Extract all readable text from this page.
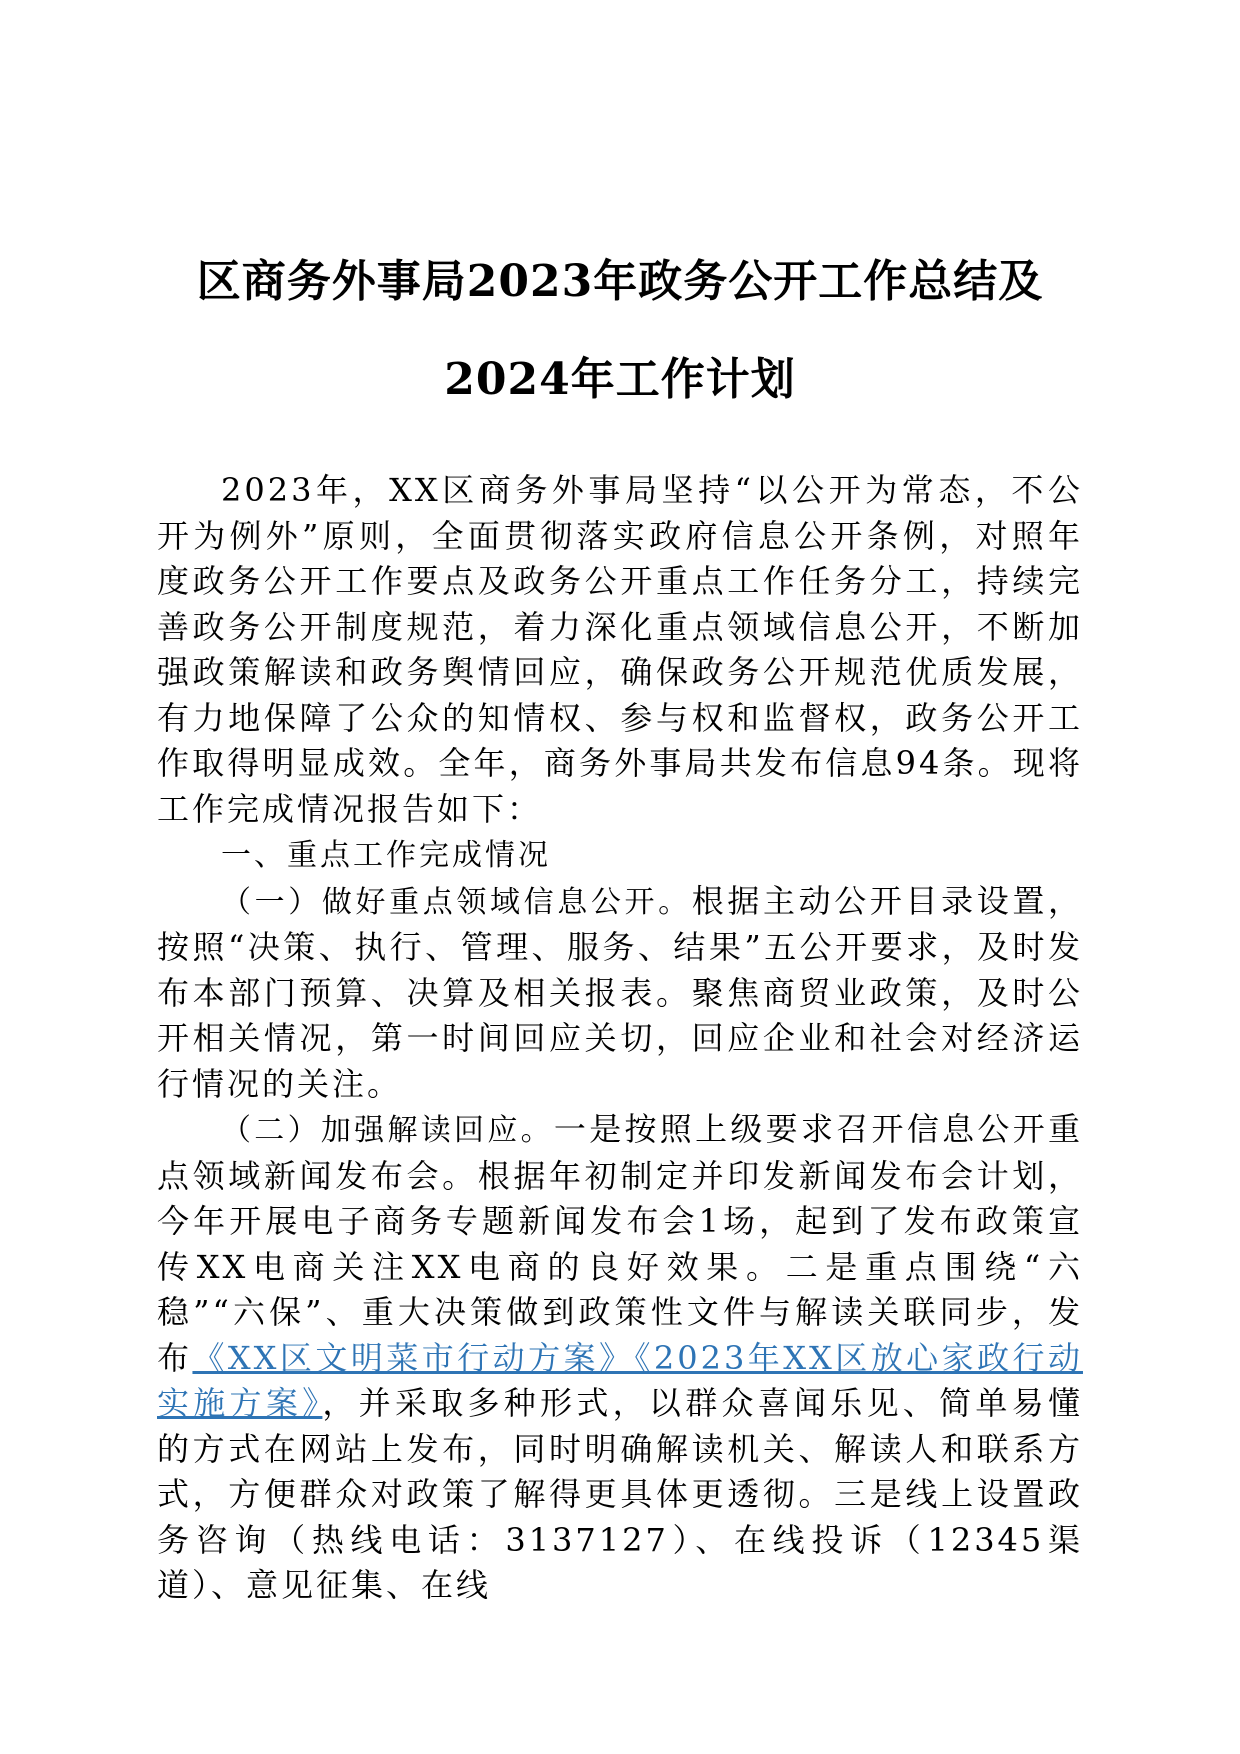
区商务外事局2023年政务公开工作总结及
2024年工作计划

2023年，XX区商务外事局坚持“以公开为常态，不公开为例外”原则，全面贯彻落实政府信息公开条例，对照年度政务公开工作要点及政务公开重点工作任务分工，持续完善政务公开制度规范，着力深化重点领域信息公开，不断加强政策解读和政务舆情回应，确保政务公开规范优质发展，有力地保障了公众的知情权、参与权和监督权，政务公开工作取得明显成效。全年，商务外事局共发布信息94条。现将工作完成情况报告如下：

一、重点工作完成情况

（一）做好重点领域信息公开。根据主动公开目录设置，按照“决策、执行、管理、服务、结果”五公开要求，及时发布本部门预算、决算及相关报表。聚焦商贸业政策，及时公开相关情况，第一时间回应关切，回应企业和社会对经济运行情况的关注。

（二）加强解读回应。一是按照上级要求召开信息公开重点领域新闻发布会。根据年初制定并印发新闻发布会计划，今年开展电子商务专题新闻发布会1场，起到了发布政策宣传XX电商关注XX电商的良好效果。二是重点围绕“六稳”“六保”、重大决策做到政策性文件与解读关联同步，发布《XX区文明菜市行动方案》《2023年XX区放心家政行动实施方案》，并采取多种形式，以群众喜闻乐见、简单易懂的方式在网站上发布，同时明确解读机关、解读人和联系方式，方便群众对政策了解得更具体更透彻。三是线上设置政务咨询（热线电话：3137127）、在线投诉（12345渠道）、意见征集、在线
